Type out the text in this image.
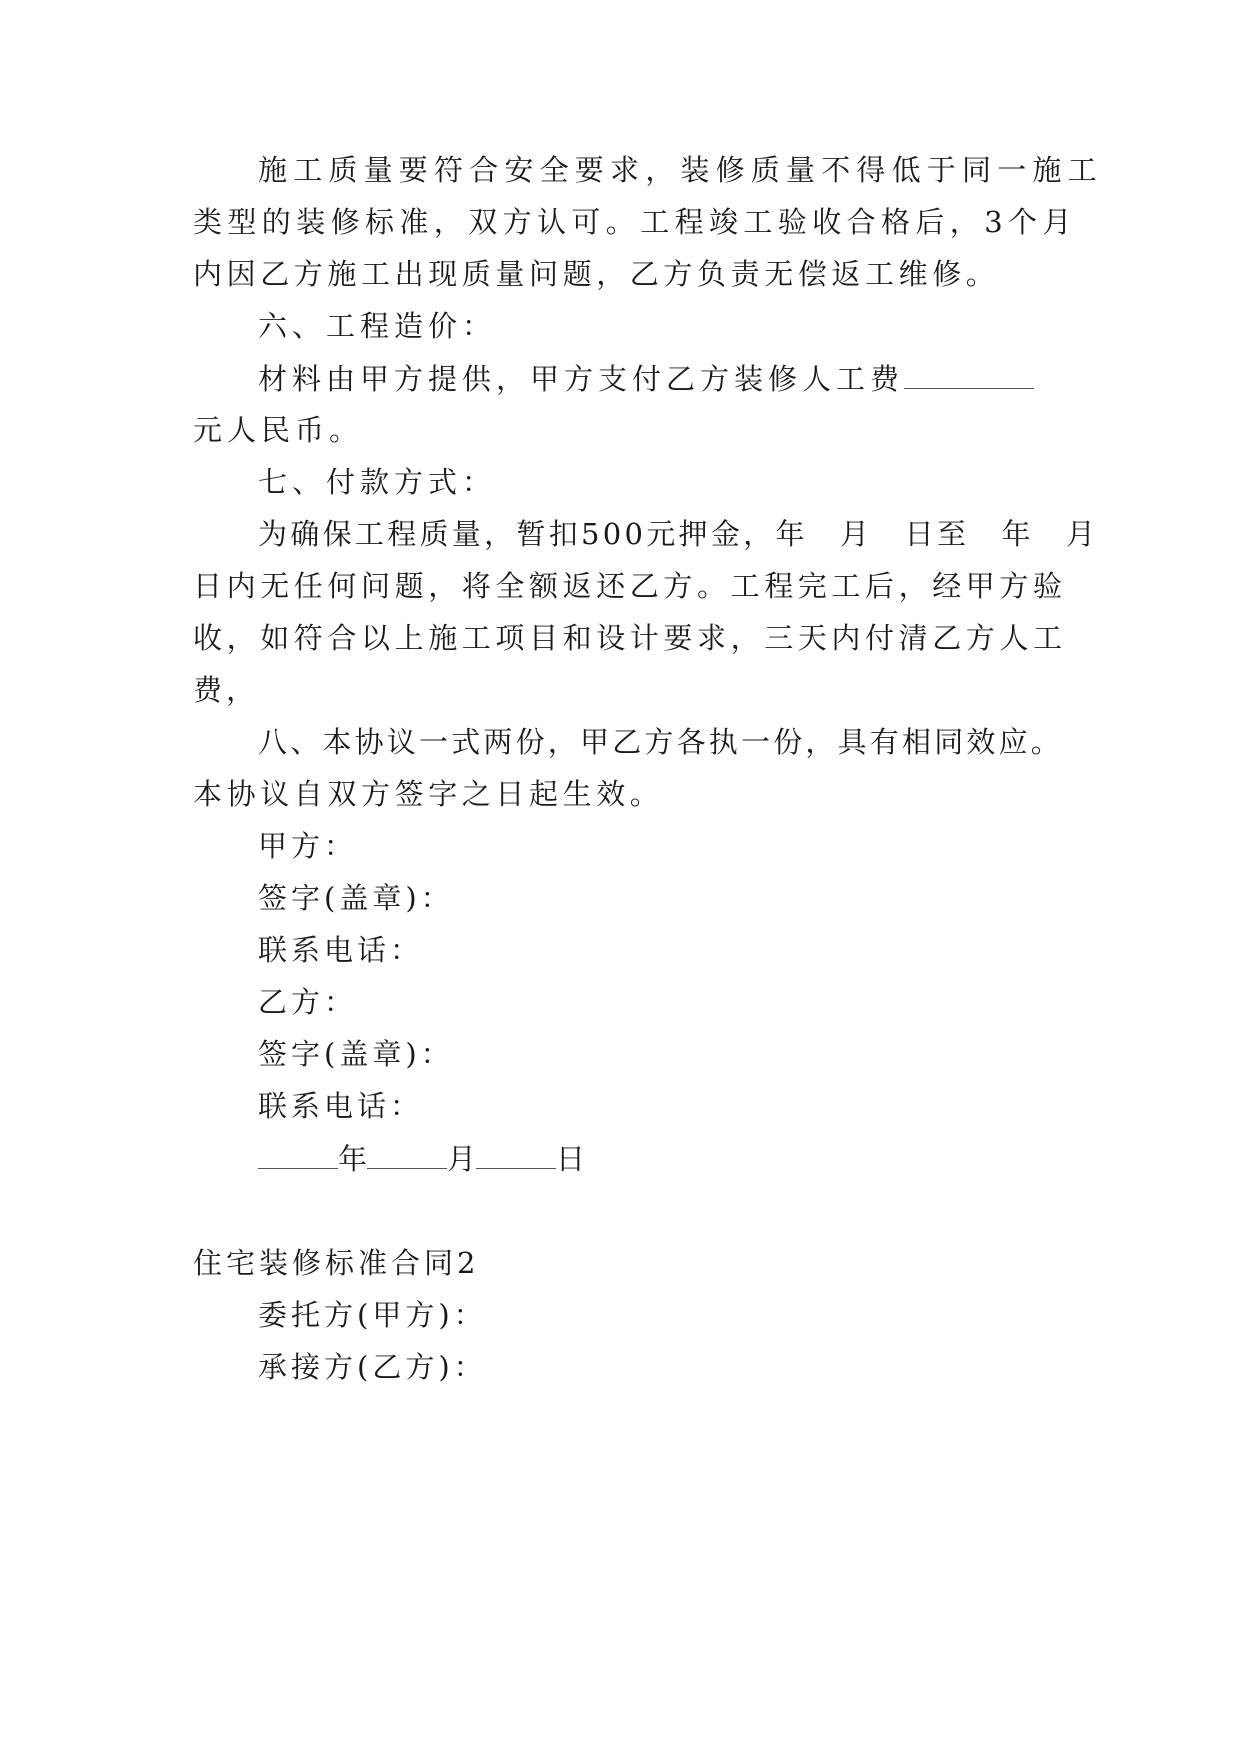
施工质量要符合安全要求，装修质量不得低于同一施工
类型的装修标准，双方认可。工程竣工验收合格后，3个月
内因乙方施工出现质量问题，乙方负责无偿返工维修。
六、工程造价：
材料由甲方提供，甲方支付乙方装修人工费
元人民币。
七、付款方式：
为确保工程质量，暂扣500元押金，年　月　日至　年　月
日内无任何问题，将全额返还乙方。工程完工后，经甲方验
收，如符合以上施工项目和设计要求，三天内付清乙方人工
费，
八、本协议一式两份，甲乙方各执一份，具有相同效应。
本协议自双方签字之日起生效。
甲方：
签字(盖章)：
联系电话：
乙方：
签字(盖章)：
联系电话：
年	月	日
住宅装修标准合同2
委托方(甲方)：
承接方(乙方)：
